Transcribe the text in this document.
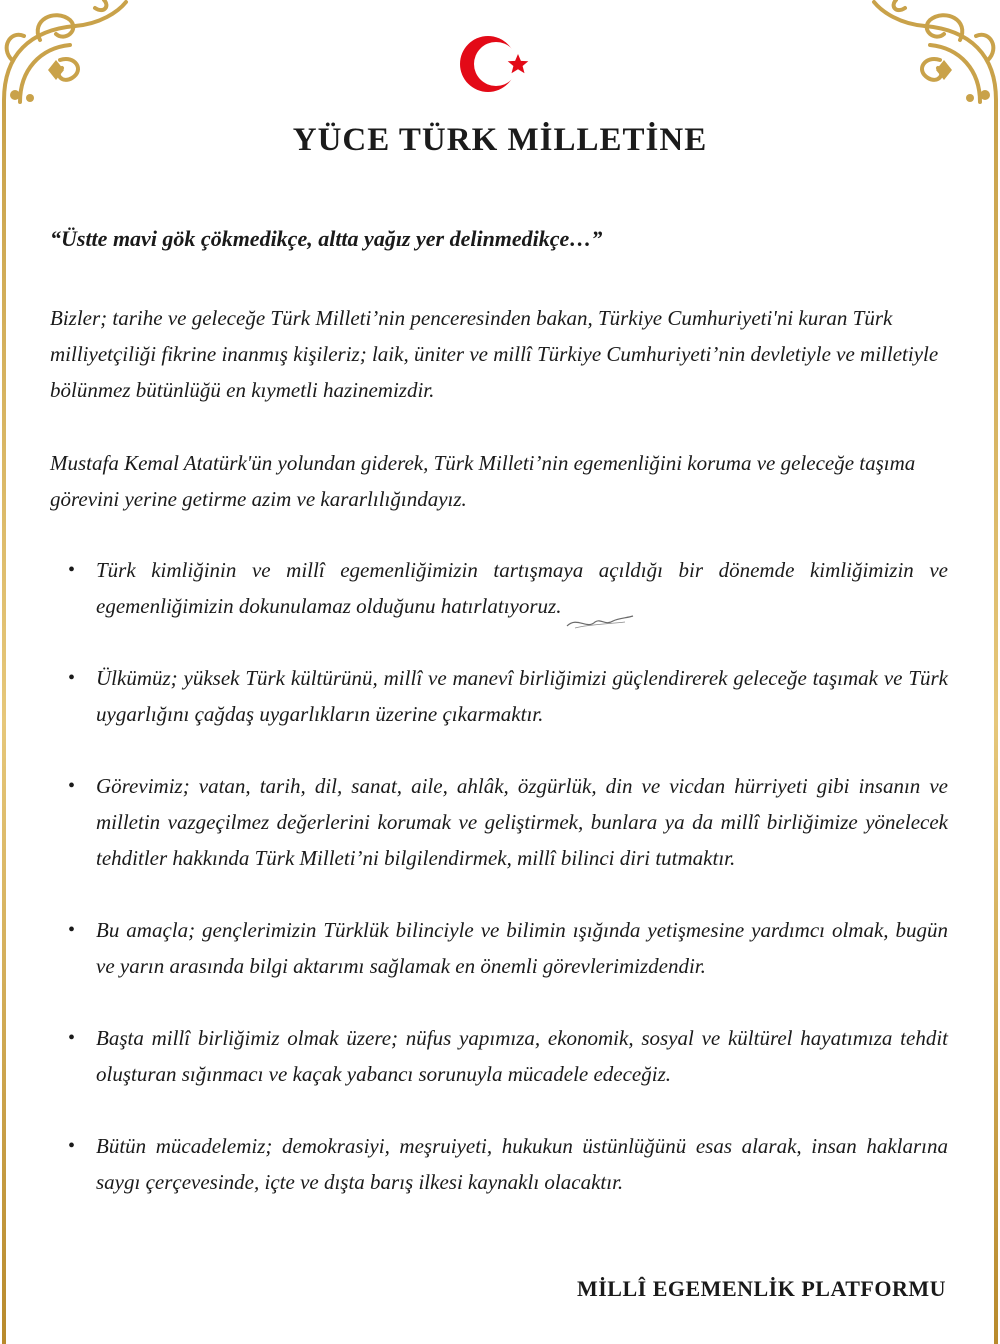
YÜCE TÜRK MİLLETİNE
“Üstte mavi gök çökmedikçe, altta yağız yer delinmedikçe…”
Bizler; tarihe ve geleceğe Türk Milleti’nin penceresinden bakan, Türkiye Cumhuriyeti'ni kuran Türk milliyetçiliği fikrine inanmış kişileriz; laik, üniter ve millî Türkiye Cumhuriyeti’nin devletiyle ve milletiyle bölünmez bütünlüğü en kıymetli hazinemizdir.
Mustafa Kemal Atatürk'ün yolundan giderek, Türk Milleti’nin egemenliğini koruma ve geleceğe taşıma görevini yerine getirme azim ve kararlılığındayız.
• Türk kimliğinin ve millî egemenliğimizin tartışmaya açıldığı bir dönemde kimliğimizin ve egemenliğimizin dokunulamaz olduğunu hatırlatıyoruz.
• Ülkümüz; yüksek Türk kültürünü, millî ve manevî birliğimizi güçlendirerek geleceğe taşımak ve Türk uygarlığını çağdaş uygarlıkların üzerine çıkarmaktır.
• Görevimiz; vatan, tarih, dil, sanat, aile, ahlâk, özgürlük, din ve vicdan hürriyeti gibi insanın ve milletin vazgeçilmez değerlerini korumak ve geliştirmek, bunlara ya da millî birliğimize yönelecek tehditler hakkında Türk Milleti’ni bilgilendirmek, millî bilinci diri tutmaktır.
• Bu amaçla; gençlerimizin Türklük bilinciyle ve bilimin ışığında yetişmesine yardımcı olmak, bugün ve yarın arasında bilgi aktarımı sağlamak en önemli görevlerimizdendir.
• Başta millî birliğimiz olmak üzere; nüfus yapımıza, ekonomik, sosyal ve kültürel hayatımıza tehdit oluşturan sığınmacı ve kaçak yabancı sorunuyla mücadele edeceğiz.
• Bütün mücadelemiz; demokrasiyi, meşruiyeti, hukukun üstünlüğünü esas alarak, insan haklarına saygı çerçevesinde, içte ve dışta barış ilkesi kaynaklı olacaktır.
MİLLÎ EGEMENLİK PLATFORMU
